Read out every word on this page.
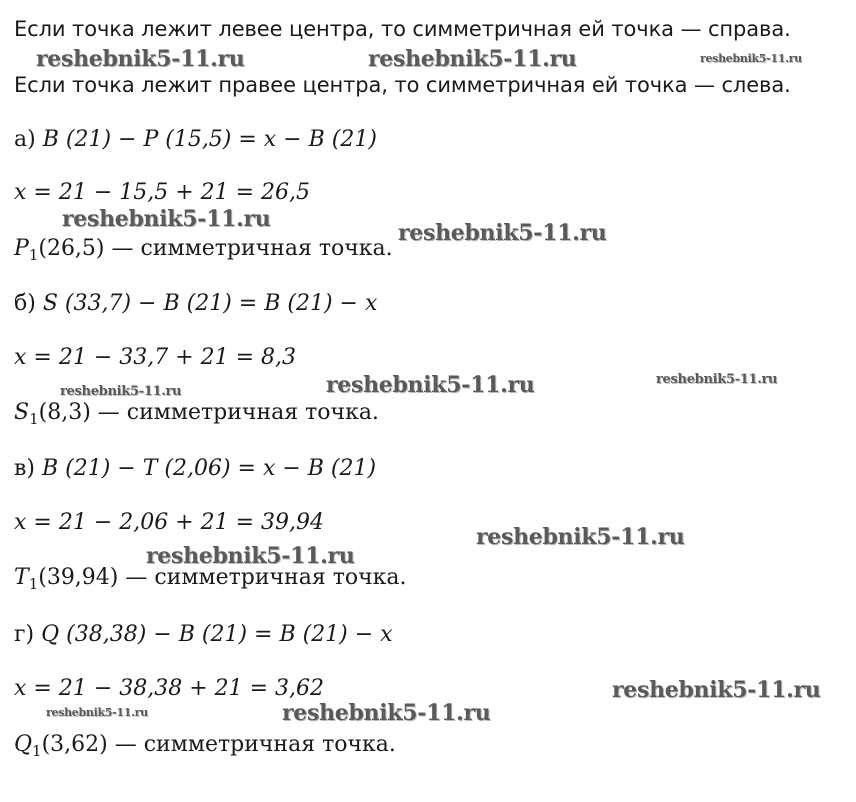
Если точка лежит левее центра, то симметричная ей точка — справа.
Если точка лежит правее центра, то симметричная ей точка — слева.
а) B (21) − P (15,5) = x − B (21)
x = 21 − 15,5 + 21 = 26,5
$P_1(26,5)$ — симметричная точка.
б) S (33,7) − B (21) = B (21) − x
x = 21 − 33,7 + 21 = 8,3
$S_1(8,3)$ — симметричная точка.
в) B (21) − T (2,06) = x − B (21)
x = 21 − 2,06 + 21 = 39,94
$T_1(39,94)$ — симметричная точка.
г) Q (38,38) − B (21) = B (21) − x
x = 21 − 38,38 + 21 = 3,62
$Q_1(3,62)$ — симметричная точка.
reshebnik5-11.ru	reshebnik5-11.ru	reshebnik5-11.ru
reshebnik5-11.ru
reshebnik5-11.ru
reshebnik5-11.ru	reshebnik5-11.ru	reshebnik5-11.ru
reshebnik5-11.ru
reshebnik5-11.ru
reshebnik5-11.ru
reshebnik5-11.ru	reshebnik5-11.ru
